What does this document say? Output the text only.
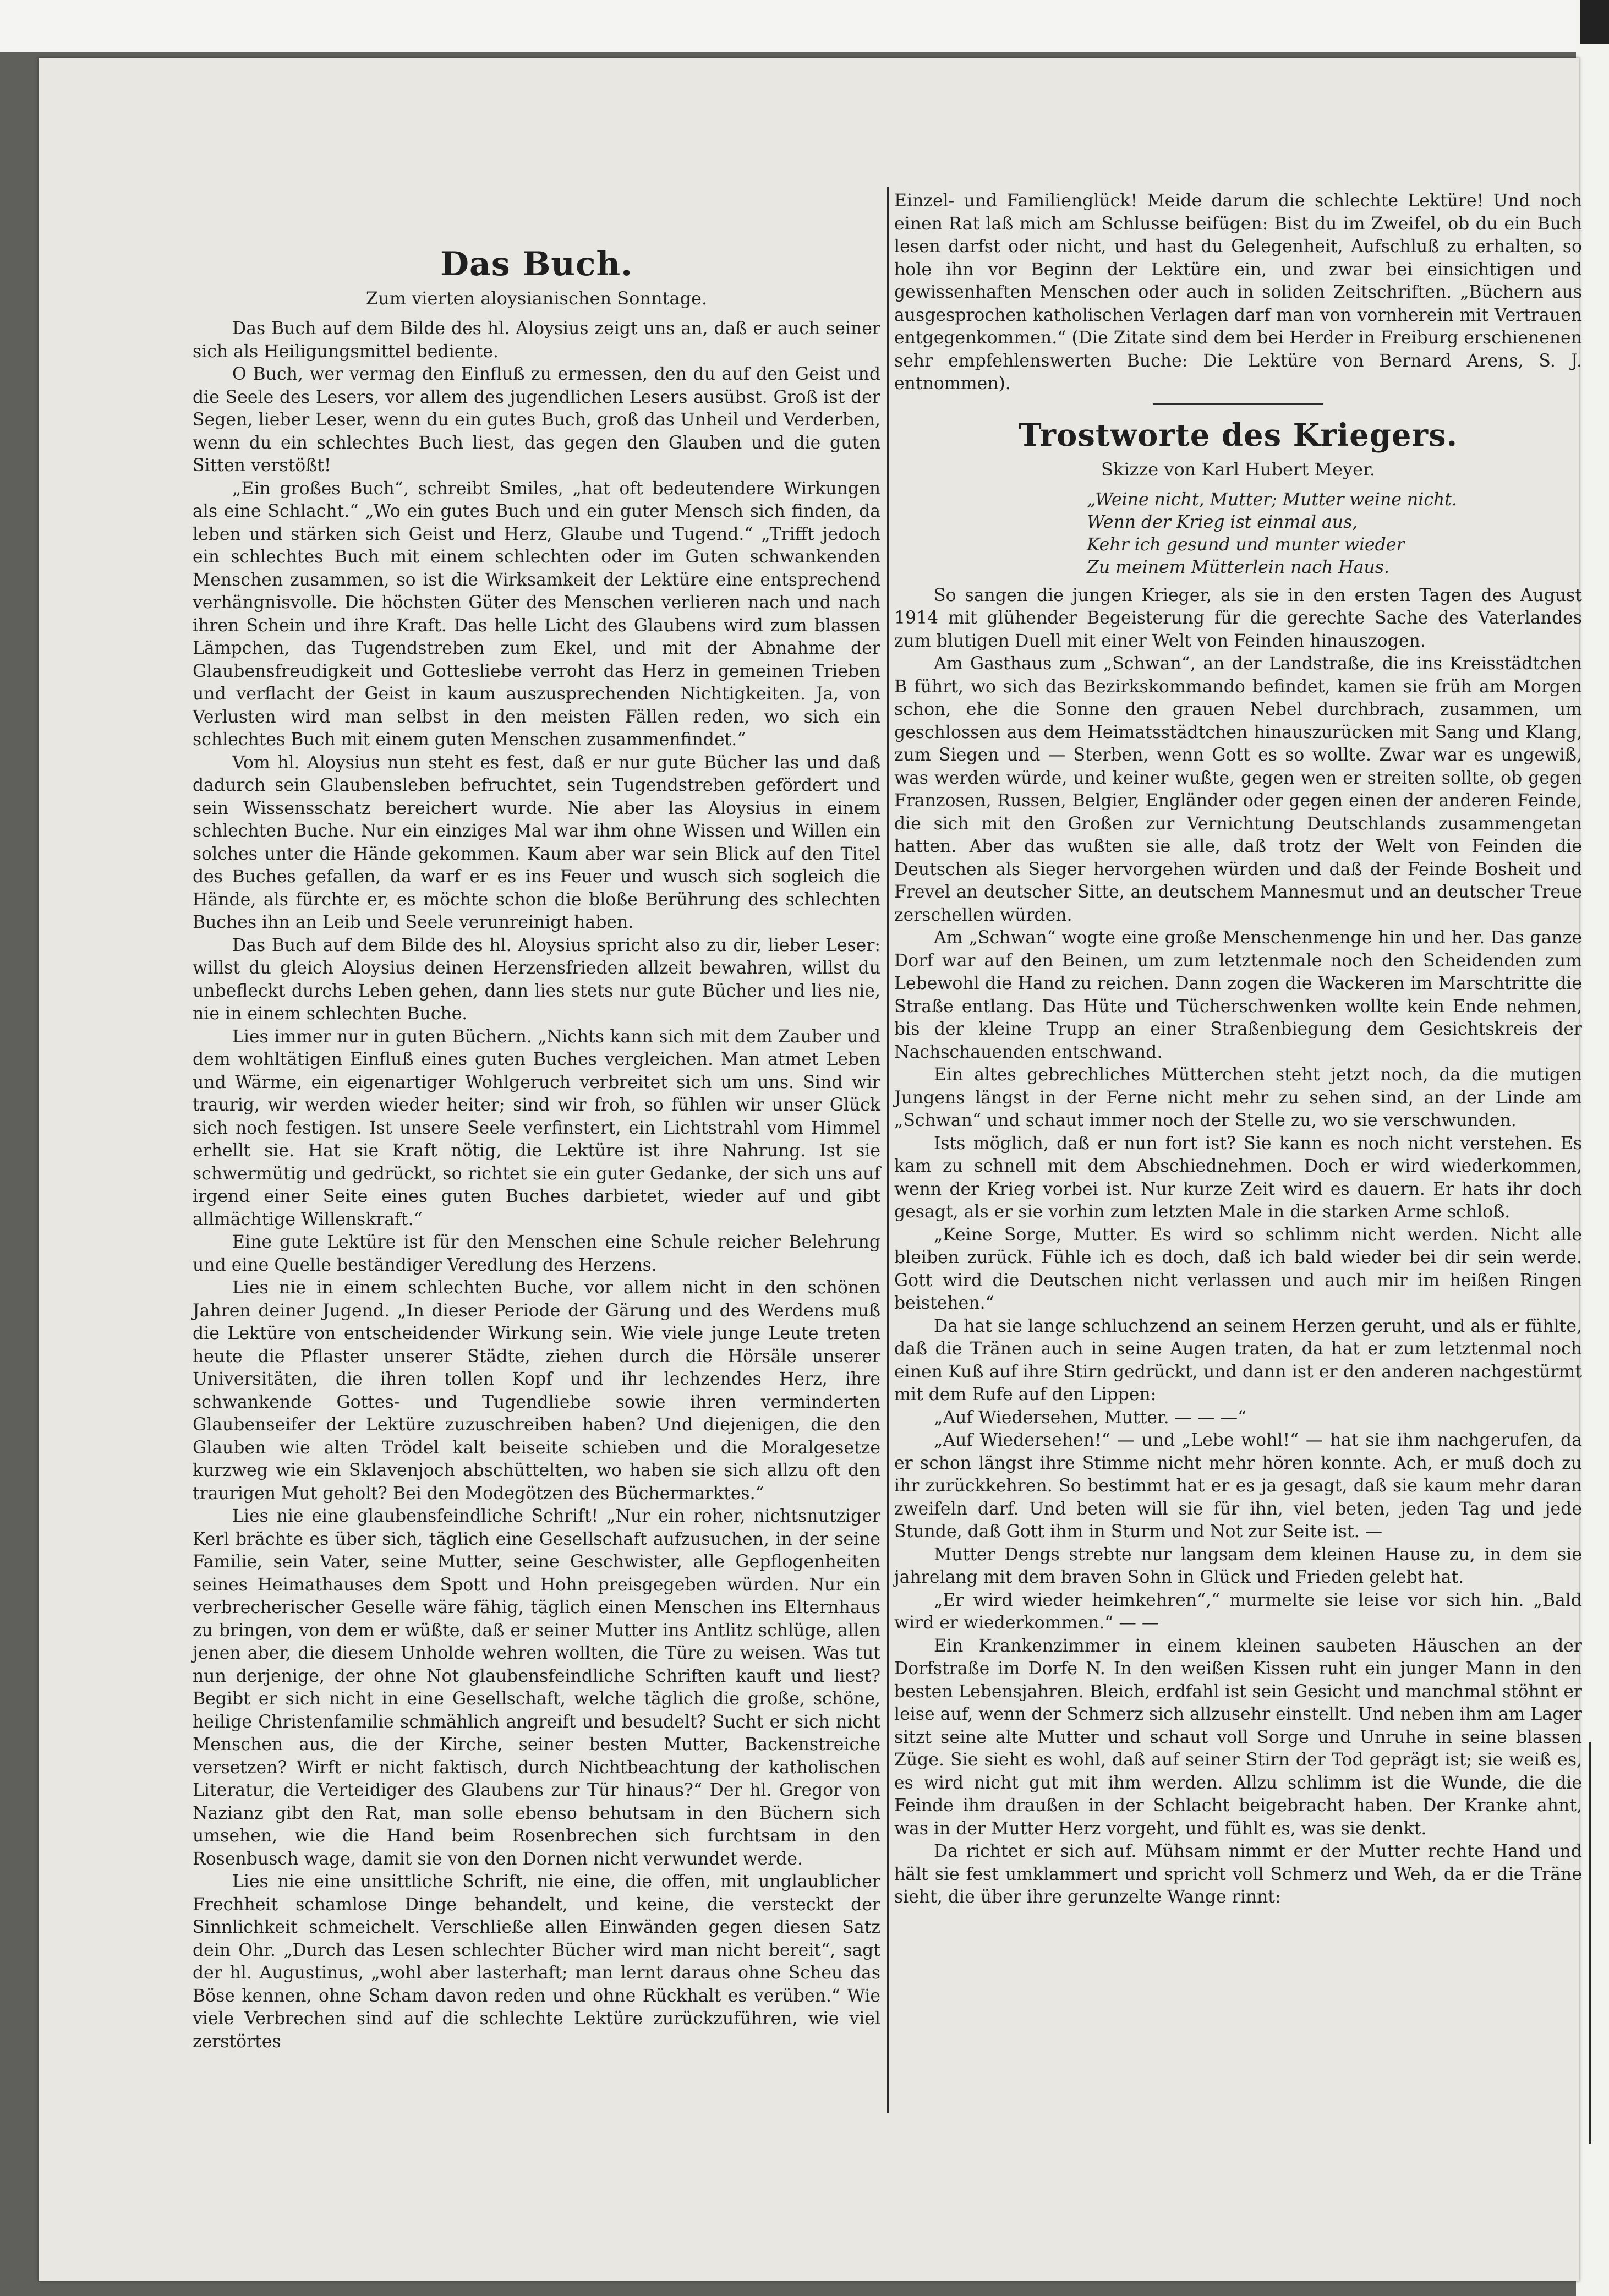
Das Buch.
Zum vierten aloysianischen Sonntage.

Das Buch auf dem Bilde des hl. Aloysius zeigt uns an, daß er auch seiner sich als Heiligungsmittel bediente.

O Buch, wer vermag den Einfluß zu ermessen, den du auf den Geist und die Seele des Lesers, vor allem des jugendlichen Lesers ausübst. Groß ist der Segen, lieber Leser, wenn du ein gutes Buch, groß das Unheil und Verderben, wenn du ein schlechtes Buch liest, das gegen den Glauben und die guten Sitten verstößt!

„Ein großes Buch“, schreibt Smiles, „hat oft bedeutendere Wirkungen als eine Schlacht.“ „Wo ein gutes Buch und ein guter Mensch sich finden, da leben und stärken sich Geist und Herz, Glaube und Tugend.“ „Trifft jedoch ein schlechtes Buch mit einem schlechten oder im Guten schwankenden Menschen zusammen, so ist die Wirksamkeit der Lektüre eine entsprechend verhängnisvolle. Die höchsten Güter des Menschen verlieren nach und nach ihren Schein und ihre Kraft. Das helle Licht des Glaubens wird zum blassen Lämpchen, das Tugendstreben zum Ekel, und mit der Abnahme der Glaubensfreudigkeit und Gottesliebe verroht das Herz in gemeinen Trieben und verflacht der Geist in kaum auszusprechenden Nichtigkeiten. Ja, von Verlusten wird man selbst in den meisten Fällen reden, wo sich ein schlechtes Buch mit einem guten Menschen zusammenfindet.“

Vom hl. Aloysius nun steht es fest, daß er nur gute Bücher las und daß dadurch sein Glaubensleben befruchtet, sein Tugendstreben gefördert und sein Wissensschatz bereichert wurde. Nie aber las Aloysius in einem schlechten Buche. Nur ein einziges Mal war ihm ohne Wissen und Willen ein solches unter die Hände gekommen. Kaum aber war sein Blick auf den Titel des Buches gefallen, da warf er es ins Feuer und wusch sich sogleich die Hände, als fürchte er, es möchte schon die bloße Berührung des schlechten Buches ihn an Leib und Seele verunreinigt haben.

Das Buch auf dem Bilde des hl. Aloysius spricht also zu dir, lieber Leser: willst du gleich Aloysius deinen Herzensfrieden allzeit bewahren, willst du unbefleckt durchs Leben gehen, dann lies stets nur gute Bücher und lies nie, nie in einem schlechten Buche.

Lies immer nur in guten Büchern. „Nichts kann sich mit dem Zauber und dem wohltätigen Einfluß eines guten Buches vergleichen. Man atmet Leben und Wärme, ein eigenartiger Wohlgeruch verbreitet sich um uns. Sind wir traurig, wir werden wieder heiter; sind wir froh, so fühlen wir unser Glück sich noch festigen. Ist unsere Seele verfinstert, ein Lichtstrahl vom Himmel erhellt sie. Hat sie Kraft nötig, die Lektüre ist ihre Nahrung. Ist sie schwermütig und gedrückt, so richtet sie ein guter Gedanke, der sich uns auf irgend einer Seite eines guten Buches darbietet, wieder auf und gibt allmächtige Willenskraft.“

Eine gute Lektüre ist für den Menschen eine Schule reicher Belehrung und eine Quelle beständiger Veredlung des Herzens.

Lies nie in einem schlechten Buche, vor allem nicht in den schönen Jahren deiner Jugend. „In dieser Periode der Gärung und des Werdens muß die Lektüre von entscheidender Wirkung sein. Wie viele junge Leute treten heute die Pflaster unserer Städte, ziehen durch die Hörsäle unserer Universitäten, die ihren tollen Kopf und ihr lechzendes Herz, ihre schwankende Gottes- und Tugendliebe sowie ihren verminderten Glaubenseifer der Lektüre zuzuschreiben haben? Und diejenigen, die den Glauben wie alten Trödel kalt beiseite schieben und die Moralgesetze kurzweg wie ein Sklavenjoch abschüttelten, wo haben sie sich allzu oft den traurigen Mut geholt? Bei den Modegötzen des Büchermarktes.“

Lies nie eine glaubensfeindliche Schrift! „Nur ein roher, nichtsnutziger Kerl brächte es über sich, täglich eine Gesellschaft aufzusuchen, in der seine Familie, sein Vater, seine Mutter, seine Geschwister, alle Gepflogenheiten seines Heimathauses dem Spott und Hohn preisgegeben würden. Nur ein verbrecherischer Geselle wäre fähig, täglich einen Menschen ins Elternhaus zu bringen, von dem er wüßte, daß er seiner Mutter ins Antlitz schlüge, allen jenen aber, die diesem Unholde wehren wollten, die Türe zu weisen. Was tut nun derjenige, der ohne Not glaubensfeindliche Schriften kauft und liest? Begibt er sich nicht in eine Gesellschaft, welche täglich die große, schöne, heilige Christenfamilie schmählich angreift und besudelt? Sucht er sich nicht Menschen aus, die der Kirche, seiner besten Mutter, Backenstreiche versetzen? Wirft er nicht faktisch, durch Nichtbeachtung der katholischen Literatur, die Verteidiger des Glaubens zur Tür hinaus?“ Der hl. Gregor von Nazianz gibt den Rat, man solle ebenso behutsam in den Büchern sich umsehen, wie die Hand beim Rosenbrechen sich furchtsam in den Rosenbusch wage, damit sie von den Dornen nicht verwundet werde.

Lies nie eine unsittliche Schrift, nie eine, die offen, mit unglaublicher Frechheit schamlose Dinge behandelt, und keine, die versteckt der Sinnlichkeit schmeichelt. Verschließe allen Einwänden gegen diesen Satz dein Ohr. „Durch das Lesen schlechter Bücher wird man nicht bereit“, sagt der hl. Augustinus, „wohl aber lasterhaft; man lernt daraus ohne Scheu das Böse kennen, ohne Scham davon reden und ohne Rückhalt es verüben.“ Wie viele Verbrechen sind auf die schlechte Lektüre zurückzuführen, wie viel zerstörtes

Einzel- und Familienglück! Meide darum die schlechte Lektüre! Und noch einen Rat laß mich am Schlusse beifügen: Bist du im Zweifel, ob du ein Buch lesen darfst oder nicht, und hast du Gelegenheit, Aufschluß zu erhalten, so hole ihn vor Beginn der Lektüre ein, und zwar bei einsichtigen und gewissenhaften Menschen oder auch in soliden Zeitschriften. „Büchern aus ausgesprochen katholischen Verlagen darf man von vornherein mit Vertrauen entgegenkommen.“ (Die Zitate sind dem bei Herder in Freiburg erschienenen sehr empfehlenswerten Buche: Die Lektüre von Bernard Arens, S. J. entnommen).

Trostworte des Kriegers.
Skizze von Karl Hubert Meyer.
„Weine nicht, Mutter; Mutter weine nicht.
Wenn der Krieg ist einmal aus,
Kehr ich gesund und munter wieder
Zu meinem Mütterlein nach Haus.

So sangen die jungen Krieger, als sie in den ersten Tagen des August 1914 mit glühender Begeisterung für die gerechte Sache des Vaterlandes zum blutigen Duell mit einer Welt von Feinden hinauszogen.

Am Gasthaus zum „Schwan“, an der Landstraße, die ins Kreisstädtchen B führt, wo sich das Bezirkskommando befindet, kamen sie früh am Morgen schon, ehe die Sonne den grauen Nebel durchbrach, zusammen, um geschlossen aus dem Heimatsstädtchen hinauszurücken mit Sang und Klang, zum Siegen und — Sterben, wenn Gott es so wollte. Zwar war es ungewiß, was werden würde, und keiner wußte, gegen wen er streiten sollte, ob gegen Franzosen, Russen, Belgier, Engländer oder gegen einen der anderen Feinde, die sich mit den Großen zur Vernichtung Deutschlands zusammengetan hatten. Aber das wußten sie alle, daß trotz der Welt von Feinden die Deutschen als Sieger hervorgehen würden und daß der Feinde Bosheit und Frevel an deutscher Sitte, an deutschem Mannesmut und an deutscher Treue zerschellen würden.

Am „Schwan“ wogte eine große Menschenmenge hin und her. Das ganze Dorf war auf den Beinen, um zum letztenmale noch den Scheidenden zum Lebewohl die Hand zu reichen. Dann zogen die Wackeren im Marschtritte die Straße entlang. Das Hüte und Tücherschwenken wollte kein Ende nehmen, bis der kleine Trupp an einer Straßenbiegung dem Gesichtskreis der Nachschauenden entschwand.

Ein altes gebrechliches Mütterchen steht jetzt noch, da die mutigen Jungens längst in der Ferne nicht mehr zu sehen sind, an der Linde am „Schwan“ und schaut immer noch der Stelle zu, wo sie verschwunden.

Ists möglich, daß er nun fort ist? Sie kann es noch nicht verstehen. Es kam zu schnell mit dem Abschiednehmen. Doch er wird wiederkommen, wenn der Krieg vorbei ist. Nur kurze Zeit wird es dauern. Er hats ihr doch gesagt, als er sie vorhin zum letzten Male in die starken Arme schloß.

„Keine Sorge, Mutter. Es wird so schlimm nicht werden. Nicht alle bleiben zurück. Fühle ich es doch, daß ich bald wieder bei dir sein werde. Gott wird die Deutschen nicht verlassen und auch mir im heißen Ringen beistehen.“

Da hat sie lange schluchzend an seinem Herzen geruht, und als er fühlte, daß die Tränen auch in seine Augen traten, da hat er zum letztenmal noch einen Kuß auf ihre Stirn gedrückt, und dann ist er den anderen nachgestürmt mit dem Rufe auf den Lippen:

„Auf Wiedersehen, Mutter. — — —“

„Auf Wiedersehen!“ — und „Lebe wohl!“ — hat sie ihm nachgerufen, da er schon längst ihre Stimme nicht mehr hören konnte. Ach, er muß doch zu ihr zurückkehren. So bestimmt hat er es ja gesagt, daß sie kaum mehr daran zweifeln darf. Und beten will sie für ihn, viel beten, jeden Tag und jede Stunde, daß Gott ihm in Sturm und Not zur Seite ist. —

Mutter Dengs strebte nur langsam dem kleinen Hause zu, in dem sie jahrelang mit dem braven Sohn in Glück und Frieden gelebt hat.

„Er wird wieder heimkehren“,“ murmelte sie leise vor sich hin. „Bald wird er wiederkommen.“ — —

Ein Krankenzimmer in einem kleinen saubeten Häuschen an der Dorfstraße im Dorfe N. In den weißen Kissen ruht ein junger Mann in den besten Lebensjahren. Bleich, erdfahl ist sein Gesicht und manchmal stöhnt er leise auf, wenn der Schmerz sich allzusehr einstellt. Und neben ihm am Lager sitzt seine alte Mutter und schaut voll Sorge und Unruhe in seine blassen Züge. Sie sieht es wohl, daß auf seiner Stirn der Tod geprägt ist; sie weiß es, es wird nicht gut mit ihm werden. Allzu schlimm ist die Wunde, die die Feinde ihm draußen in der Schlacht beigebracht haben. Der Kranke ahnt, was in der Mutter Herz vorgeht, und fühlt es, was sie denkt.

Da richtet er sich auf. Mühsam nimmt er der Mutter rechte Hand und hält sie fest umklammert und spricht voll Schmerz und Weh, da er die Träne sieht, die über ihre gerunzelte Wange rinnt:
